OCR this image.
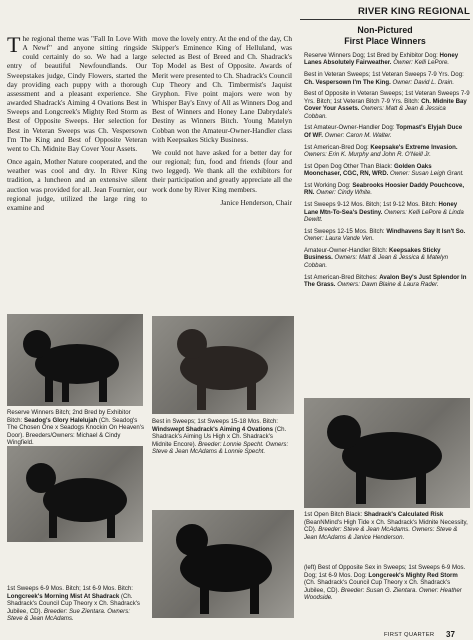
RIVER KING REGIONAL

The regional theme was "Fall In Love With A Newf" and anyone sitting ringside could certainly do so. We had a large entry of beautiful Newfoundlands. Our Sweepstakes judge, Cindy Flowers, started the day providing each puppy with a thorough assessment and a pleasant experience. She awarded Shadrack's Aiming 4 Ovations Best in Sweeps and Longcreek's Mighty Red Storm as Best of Opposite Sweeps. Her selection for Best in Veteran Sweeps was Ch. Vespersown I'm The King and Best of Opposite Veteran went to Ch. Midnite Bay Cover Your Assets.

Once again, Mother Nature cooperated, and the weather was cool and dry. In River King tradition, a luncheon and an extensive silent auction was provided for all. Jean Fournier, our regional judge, utilized the large ring to examine and

move the lovely entry. At the end of the day, Ch Skipper's Eminence King of Helluland, was selected as Best of Breed and Ch. Shadrack's Top Model as Best of Opposite. Awards of Merit were presented to Ch. Shadrack's Council Cup Theory and Ch. Timbermist's Jaquist Gryphon. Five point majors were won by Whisper Bay's Envy of All as Winners Dog and Best of Winners and Honey Lane Dabrydale's Destiny as Winners Bitch. Young Matelyn Cobban won the Amateur-Owner-Handler class with Keepsakes Sticky Business.

We could not have asked for a better day for our regional; fun, food and friends (four and two legged). We thank all the exhibitors for their participation and greatly appreciate all the work done by River King members.

Janice Henderson, Chair

Non-Pictured
First Place Winners
Reserve Winners Dog; 1st Bred by Exhibitor Dog: Honey Lanes Absolutely Fairweather. Owner: Kelli LePore.
Best in Veteran Sweeps; 1st Veteran Sweeps 7-9 Yrs. Dog: Ch. Vespersown I'm The King. Owner: David L. Drain.
Best of Opposite in Veteran Sweeps; 1st Veteran Sweeps 7-9 Yrs. Bitch; 1st Veteran Bitch 7-9 Yrs. Bitch: Ch. Midnite Bay Cover Your Assets. Owners: Matt & Jean & Jessica Cobban.
1st Amateur-Owner-Handler Dog: Topmast's Elyjah Duce Of WF. Owner: Caron M. Walter.
1st American-Bred Dog: Keepsake's Extreme Invasion. Owners: Erin K. Murphy and John R. O'Neill Jr.
1st Open Dog Other Than Black: Golden Oaks Moonchaser, CGC, RN, WRD. Owner: Susan Leigh Grant.
1st Working Dog: Seabrooks Hoosier Daddy Pouchcove, RN. Owner: Cindy White.
1st Sweeps 9-12 Mos. Bitch; 1st 9-12 Mos. Bitch: Honey Lane Mtn-To-Sea's Destiny. Owners: Kelli LePore & Linda Dewitt.
1st Sweeps 12-15 Mos. Bitch: Windhavens Say It Isn't So. Owner: Laura Vande Ven.
Amateur-Owner-Handler Bitch: Keepsakes Sticky Business. Owners: Matt & Jean & Jessica & Matelyn Cobban.
1st American-Bred Bitches: Avalon Bey's Just Splendor In The Grass. Owners: Dawn Blaine & Laura Rader.
Reserve Winners Bitch; 2nd Bred by Exhibitor Bitch: Seadog's Glory Halelujah (Ch. Seadog's The Chosen One x Seadogs Knockin On Heaven's Door). Breeders/Owners: Michael & Cindy Wingfield.
Best in Sweeps; 1st Sweeps 15-18 Mos. Bitch: Windswept Shadrack's Aiming 4 Ovations (Ch. Shadrack's Aiming Us High x Ch. Shadrack's Midnite Encore). Breeder: Lonnie Specht. Owners: Steve & Jean McAdams & Lonnie Specht.
1st Sweeps 6-9 Mos. Bitch; 1st 6-9 Mos. Bitch: Longcreek's Morning Mist At Shadrack (Ch. Shadrack's Council Cup Theory x Ch. Shadrack's Jubilee, CD). Breeder: Sue Zientara. Owners: Steve & Jean McAdams.
1st Open Bitch Black: Shadrack's Calculated Risk (BeanNMind's High Tide x Ch. Shadrack's Midnite Necessity, CD). Breeder: Steve & Jean McAdams. Owners: Steve & Jean McAdams & Janice Henderson.
(left) Best of Opposite Sex in Sweeps; 1st Sweeps 6-9 Mos. Dog; 1st 6-9 Mos. Dog: Longcreek's Mighty Red Storm (Ch. Shadrack's Council Cup Theory x Ch. Shadrack's Jubilee, CD). Breeder: Susan G. Zientara. Owner: Heather Woodside.
FIRST QUARTER 37
